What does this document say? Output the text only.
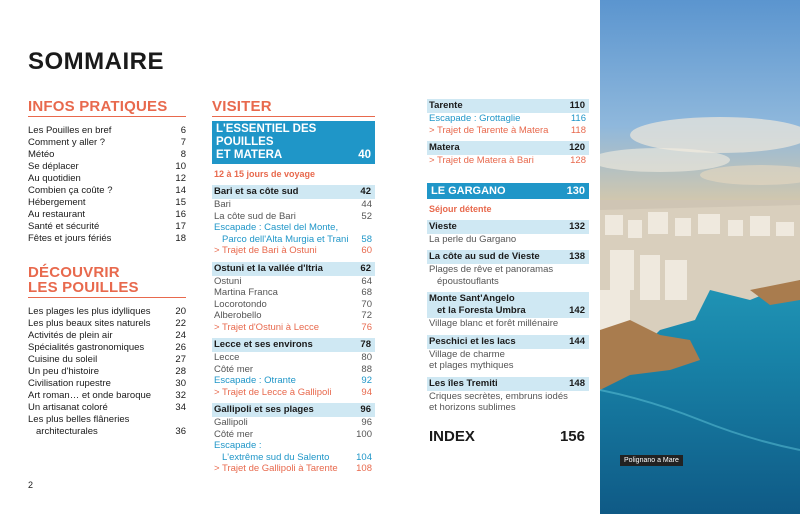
SOMMAIRE
INFOS PRATIQUES
Les Pouilles en bref	6
Comment y aller ?	7
Météo	8
Se déplacer	10
Au quotidien	12
Combien ça coûte ?	14
Hébergement	15
Au restaurant	16
Santé et sécurité	17
Fêtes et jours fériés	18
DÉCOUVRIR
LES POUILLES
Les plages les plus idylliques	20
Les plus beaux sites naturels	22
Activités de plein air	24
Spécialités gastronomiques	26
Cuisine du soleil	27
Un peu d'histoire	28
Civilisation rupestre	30
Art roman… et onde baroque	32
Un artisanat coloré	34
Les plus belles flâneries
architecturales	36
VISITER
L'ESSENTIEL DES POUILLES
ET MATERA	40
12 à 15 jours de voyage
Bari et sa côte sud	42
Bari	44
La côte sud de Bari	52
Escapade : Castel del Monte,
Parco dell'Alta Murgia et Trani 58
> Trajet de Bari à Ostuni	60
Ostuni et la vallée d'Itria	62
Ostuni	64
Martina Franca	68
Locorotondo	70
Alberobello	72
> Trajet d'Ostuni à Lecce	76
Lecce et ses environs	78
Lecce	80
Côté mer	88
Escapade : Otrante	92
> Trajet de Lecce à Gallipoli	94
Gallipoli et ses plages	96
Gallipoli	96
Côté mer	100
Escapade :
L'extrême sud du Salento	104
> Trajet de Gallipoli à Tarente 108
Tarente	110
Escapade : Grottaglie	116
> Trajet de Tarente à Matera 118
Matera	120
> Trajet de Matera à Bari	128
LE GARGANO	130
Séjour détente
Vieste	132
La perle du Gargano
La côte au sud de Vieste	138
Plages de rêve et panoramas
époustouflants
Monte Sant'Angelo
et la Foresta Umbra	142
Village blanc et forêt millénaire
Peschici et les lacs	144
Village de charme
et plages mythiques
Les îles Tremiti	148
Criques secrètes, embruns iodés
et horizons sublimes
INDEX	156
Polignano a Mare
2
